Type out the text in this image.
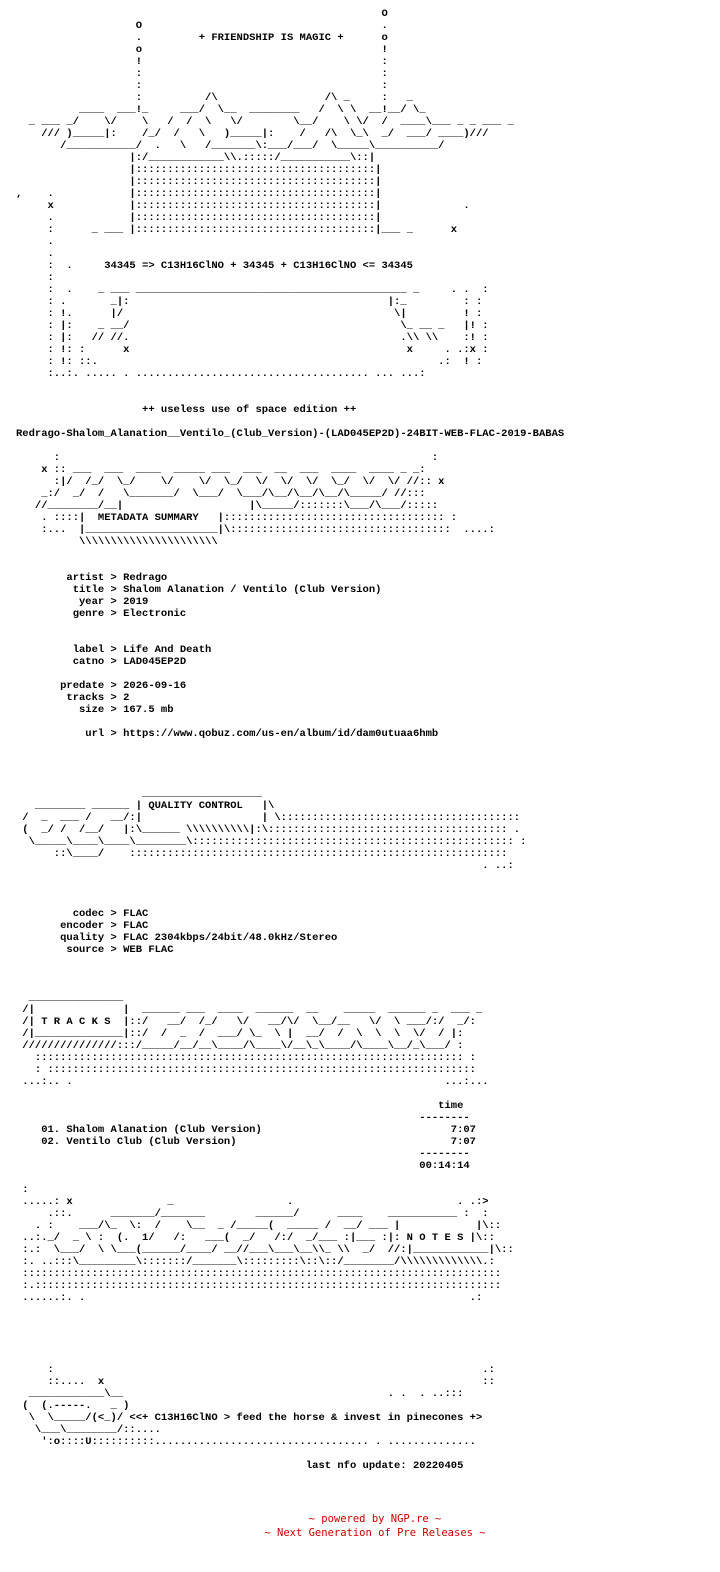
O
O                                      .
.         + FRIENDSHIP IS MAGIC +      o
o                                      !
!                                      :
:                                      :
:                                      :
:          /\                 /\ _     :   _
____  ___!_     ___/  \__  ________   /  \ \  __!__/ \_
_ ___ _/    \/    \   /  /  \   \/        \__/    \ \/  /  ____\___ _ _ ___ _
/// )_____|:    /_/  /   \   )_____|:    /   /\  \_\  _/  ___/ ____)///
/___________/  .   \   /_______\:___/___/  \_____\__________/
|:/____________\\.:::::/___________\::|
|::::::::::::::::::::::::::::::::::::::|
|::::::::::::::::::::::::::::::::::::::|
,    .            |::::::::::::::::::::::::::::::::::::::|
x            |::::::::::::::::::::::::::::::::::::::|             .
.            |::::::::::::::::::::::::::::::::::::::|
:      _ ___ |::::::::::::::::::::::::::::::::::::::|___ _      x
.
.
:  .     34345 => C13H16ClNO + 34345 + C13H16ClNO <= 34345
:
:  .    _ ___ ___________________________________________ _     . .  :
: .       _|:                                         |:_         : :
: !.      |/                                           \|         ! :
: |:    _ __/                                           \_ __ _   |! :
: |:   // //.                                           .\\ \\    :! :
: !: :      x                                            x     . .:x :
: !: ::.                                                      .:  ! :
:..:. ..... . ..................................... ... ...:
++ useless use of space edition ++
Redrago-Shalom_Alanation__Ventilo_(Club_Version)-(LAD045EP2D)-24BIT-WEB-FLAC-2019-BABAS
:                                                           :
x :: ___  ___  ____  _____ ___  ___  __  ___  ____  ____ _ _:
:|/  /_/  \_/    \/    \/  \_/  \/  \/  \/  \_/  \/  \/ //:: x
_:/  _/  /   \_______/  \___/  \___/\__/\__/\__/\_____/ //:::
//________/__|                    |\_____/:::::::\___/\___/:::::
. ::::|  METADATA SUMMARY   |::::::::::::::::::::::::::::::::::: :
:...  |_____________________|\:::::::::::::::::::::::::::::::::::  ....:
\\\\\\\\\\\\\\\\\\\\\\
artist > Redrago
title > Shalom Alanation / Ventilo (Club Version)
year > 2019
genre > Electronic
label > Life And Death
catno > LAD045EP2D
predate > 2026-09-16
tracks > 2
size > 167.5 mb
url > https://www.qobuz.com/us-en/album/id/dam0utuaa6hmb
___________________
________ ______ | QUALITY CONTROL   |\
/  _  ___ /   __/:|                   | \::::::::::::::::::::::::::::::::::::::
(  _/ /  /__/   |:\______ \\\\\\\\\\|:\:::::::::::::::::::::::::::::::::::::: .
\_____\____\____\________\::::::::::::::::::::::::::::::::::::::::::::::::::: :
::\____/    ::::::::::::::::::::::::::::::::::::::::::::::::::::::::::::
. ..:
codec > FLAC
encoder > FLAC
quality > FLAC 2304kbps/24bit/48.0kHz/Stereo
source > WEB FLAC
_______________
/|              |  ______ ___  ____  ______  __    _____  ______ _  ___ _
/| T R A C K S  |::/   __/  /_/   \/   __/\/  \__/__   \/  \ ___/:/  _/:
/|______________|::/  /  _  /  ___/ \_  \ |  __/  /  \  \  \  \/  / |:
///////////////:::/_____/__/__\____/\____\/__\_\____/\____\__/_\___/ :
:::::::::::::::::::::::::::::::::::::::::::::::::::::::::::::::::::: :
: ::::::::::::::::::::::::::::::::::::::::::::::::::::::::::::::::::::
...:.. .                                                           ...:...
time
--------
01. Shalom Alanation (Club Version)                              7:07
02. Ventilo Club (Club Version)                                  7:07
--------
00:14:14
:
.....: x               _                  .                          . .:>
.::.      _______/_______        ______/      ____    ___________ :  :
. :    ___/\_  \:  /    \__  _ /_____(  _____ /  __/ ___ |            |\::
..:._/  _ \ :  (.  1/   /:   ___(  _/   /:/  _/___ :|___ :|: N O T E S |\::
:.:  \___/  \ \___(______/____/ __//___\___\__\\_ \\  _/  //:|____________|\::
:. ..:::\_________\:::::::/_______\:::::::::\::\::/________/\\\\\\\\\\\\\.:
::::::::::::::::::::::::::::::::::::::::::::::::::::::::::::::::::::::::::::
:.::::::::::::::::::::::::::::::::::::::::::::::::::::::::::::::::::::::::::
......:. .                                                             .:
:                                                                    .:
::....  x                                                            ::
____________\__                                          . .  . ..:::
(  (.-----.   _ )
\  \_____/(<_)/ <<+ C13H16ClNO > feed the horse & invest in pinecones +>
\___\________/::....
':o::::U::::::::::.................................. . ..............
last nfo update: 20220405
~ powered by NGP.re ~
~ Next Generation of Pre Releases ~
